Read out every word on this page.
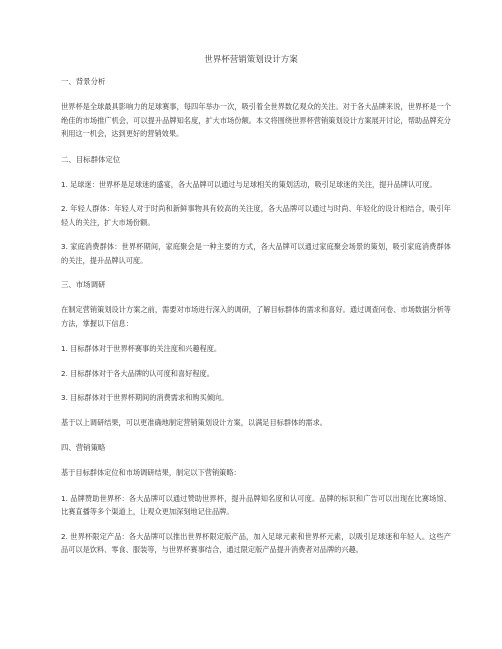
世界杯营销策划设计方案
一、背景分析
世界杯是全球最具影响力的足球赛事，每四年举办一次，吸引着全世界数亿观众的关注。对于各大品牌来说，世界杯是一个绝佳的市场推广机会，可以提升品牌知名度，扩大市场份额。本文将围绕世界杯营销策划设计方案展开讨论，帮助品牌充分利用这一机会，达到更好的营销效果。
二、目标群体定位
1. 足球迷：世界杯是足球迷的盛宴，各大品牌可以通过与足球相关的策划活动，吸引足球迷的关注，提升品牌认可度。
2. 年轻人群体：年轻人对于时尚和新鲜事物具有较高的关注度，各大品牌可以通过与时尚、年轻化的设计相结合，吸引年轻人的关注，扩大市场份额。
3. 家庭消费群体：世界杯期间，家庭聚会是一种主要的方式，各大品牌可以通过家庭聚会场景的策划，吸引家庭消费群体的关注，提升品牌认可度。
三、市场调研
在制定营销策划设计方案之前，需要对市场进行深入的调研，了解目标群体的需求和喜好。通过调查问卷、市场数据分析等方法，掌握以下信息：
1. 目标群体对于世界杯赛事的关注度和兴趣程度。
2. 目标群体对于各大品牌的认可度和喜好程度。
3. 目标群体对于世界杯期间的消费需求和购买倾向。
基于以上调研结果，可以更准确地制定营销策划设计方案，以满足目标群体的需求。
四、营销策略
基于目标群体定位和市场调研结果，制定以下营销策略：
1. 品牌赞助世界杯：各大品牌可以通过赞助世界杯，提升品牌知名度和认可度。品牌的标识和广告可以出现在比赛场馆、比赛直播等多个渠道上，让观众更加深刻地记住品牌。
2. 世界杯限定产品：各大品牌可以推出世界杯限定版产品，加入足球元素和世界杯元素，以吸引足球迷和年轻人。这些产品可以是饮料、零食、服装等，与世界杯赛事结合，通过限定版产品提升消费者对品牌的兴趣。
